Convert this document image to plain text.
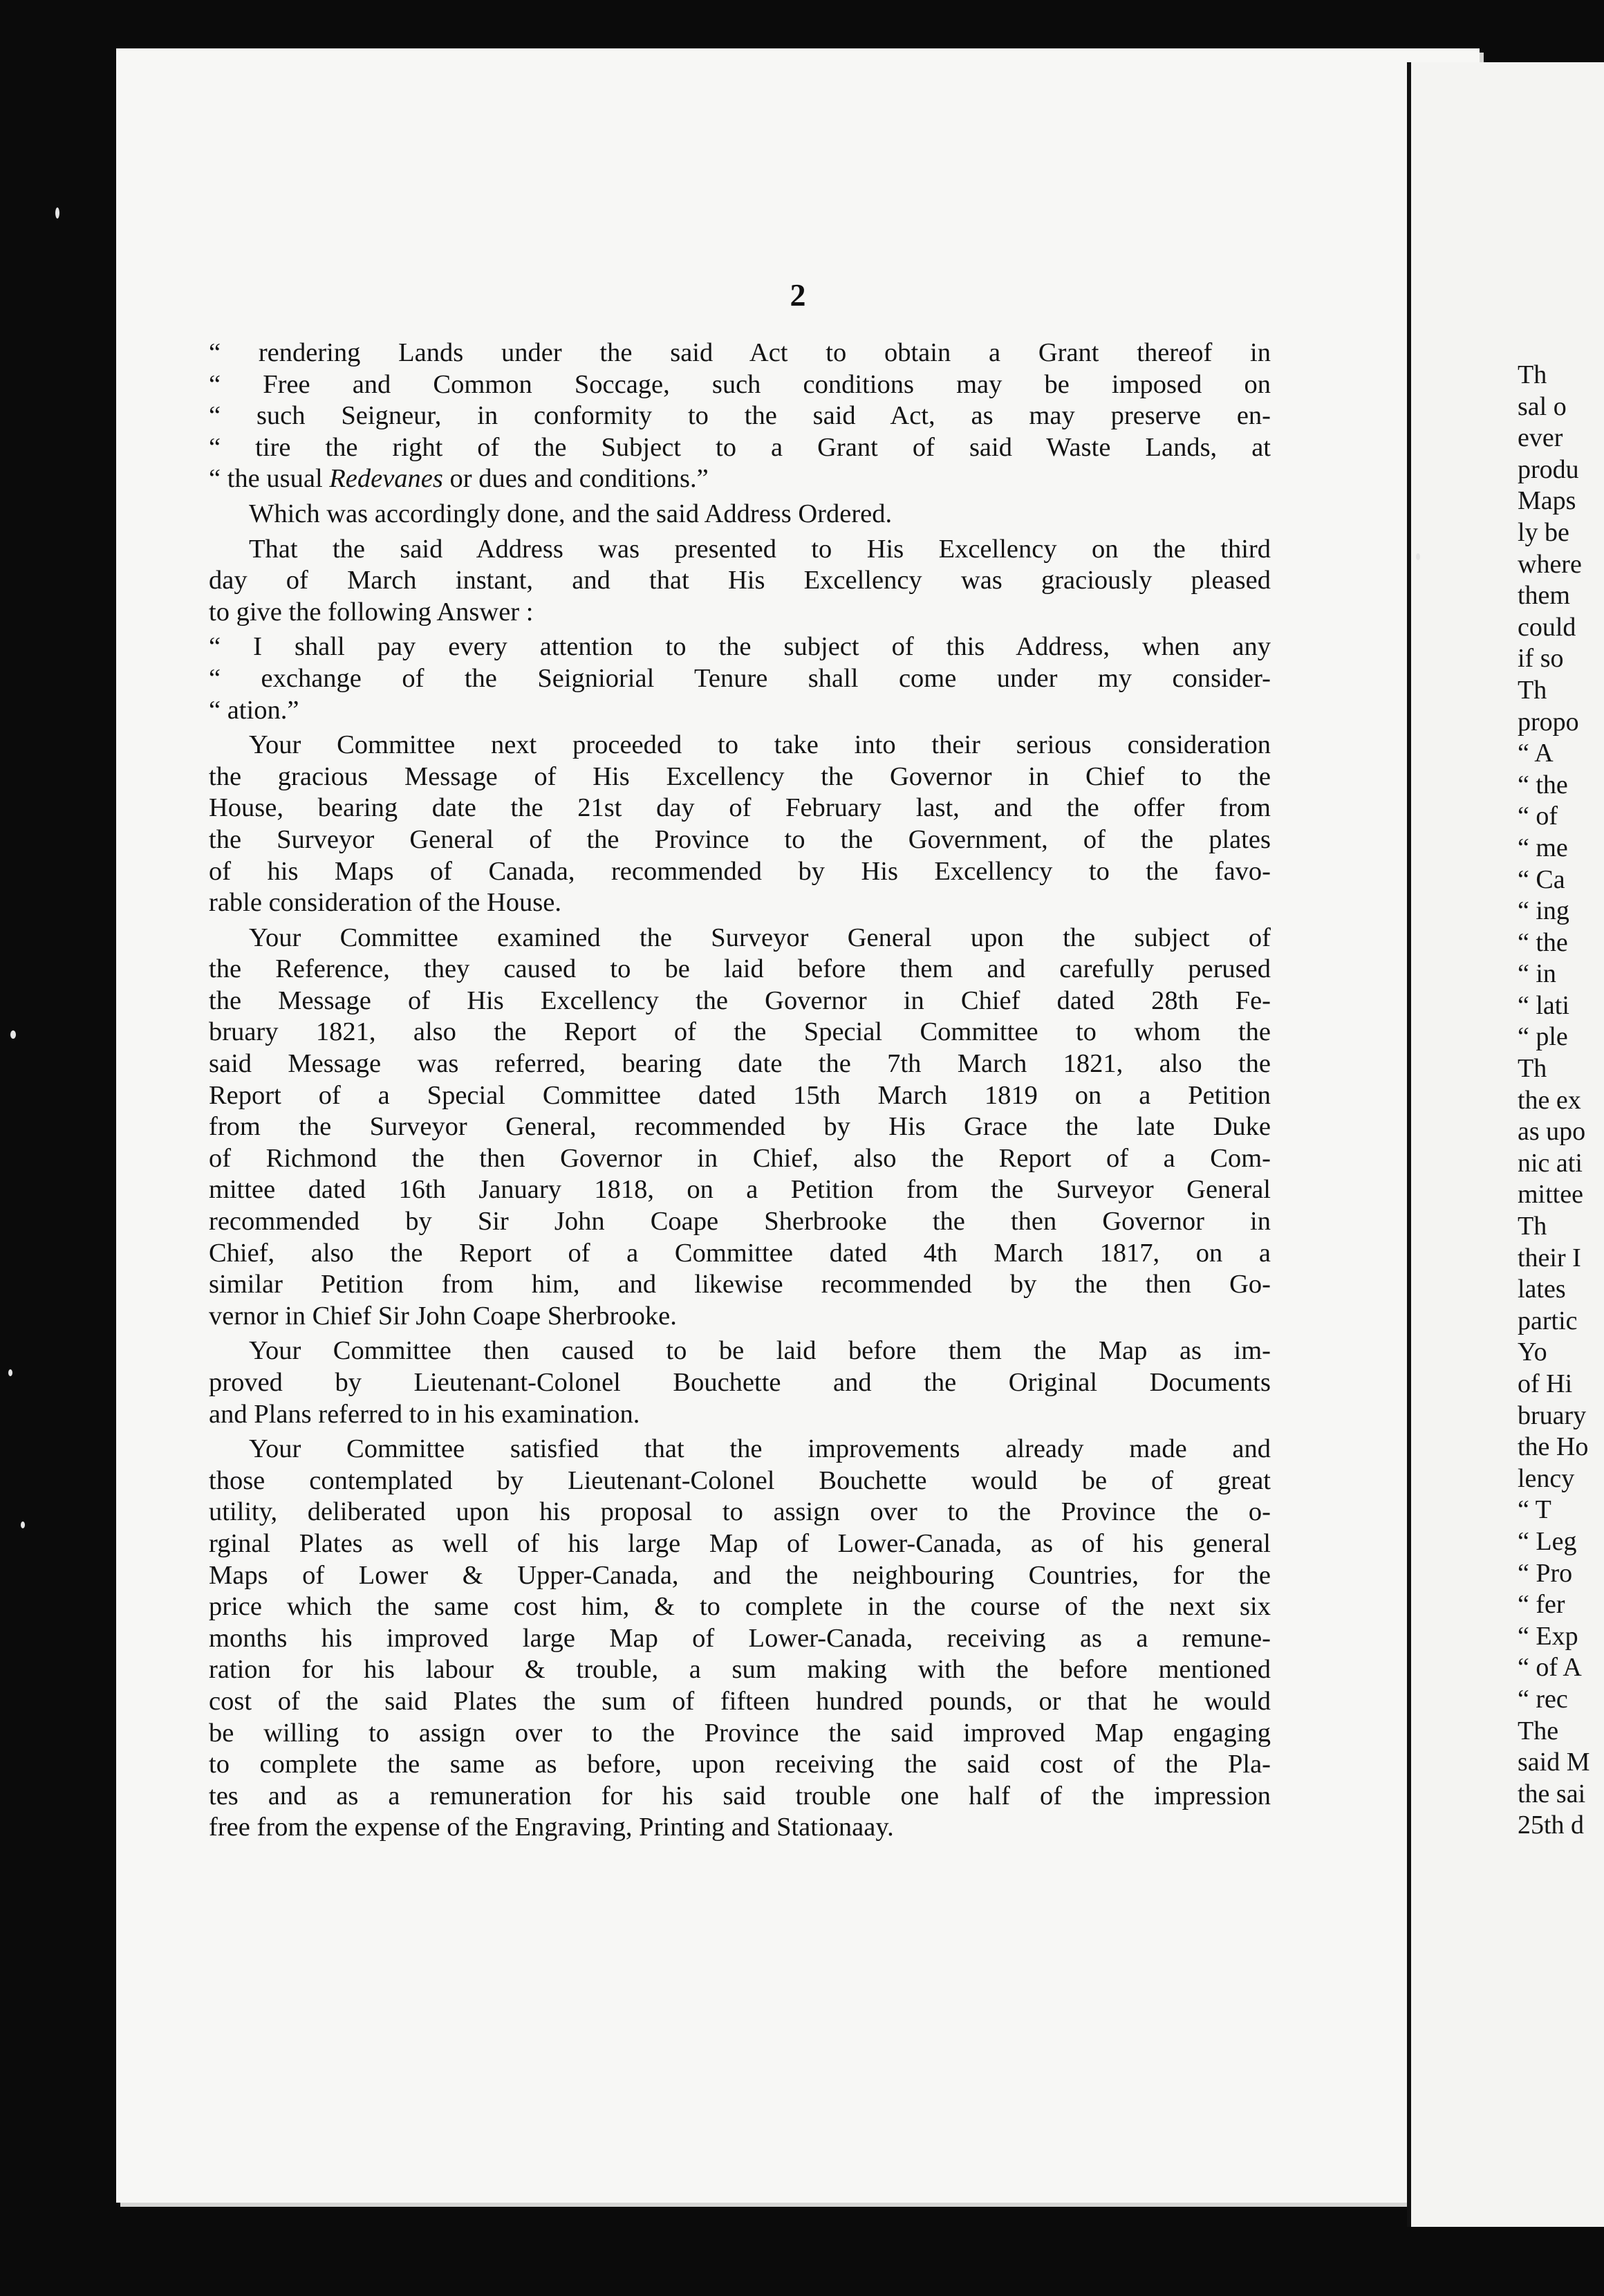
2
“ rendering Lands under the said Act to obtain a Grant thereof in
“ Free and Common Soccage, such conditions may be imposed on
“ such Seigneur, in conformity to the said Act, as may preserve en-
“ tire the right of the Subject to a Grant of said Waste Lands, at
“ the usual Redevanes or dues and conditions.”
Which was accordingly done, and the said Address Ordered.
That the said Address was presented to His Excellency on the third
day of March instant, and that His Excellency was graciously pleased
to give the following Answer :
“ I shall pay every attention to the subject of this Address, when any
“ exchange of the Seigniorial Tenure shall come under my consider-
“ ation.”
Your Committee next proceeded to take into their serious consideration
the gracious Message of His Excellency the Governor in Chief to the
House, bearing date the 21st day of February last, and the offer from
the Surveyor General of the Province to the Government, of the plates
of his Maps of Canada, recommended by His Excellency to the favo-
rable consideration of the House.
Your Committee examined the Surveyor General upon the subject of
the Reference, they caused to be laid before them and carefully perused
the Message of His Excellency the Governor in Chief dated 28th Fe-
bruary 1821, also the Report of the Special Committee to whom the
said Message was referred, bearing date the 7th March 1821, also the
Report of a Special Committee dated 15th March 1819 on a Petition
from the Surveyor General, recommended by His Grace the late Duke
of Richmond the then Governor in Chief, also the Report of a Com-
mittee dated 16th January 1818, on a Petition from the Surveyor General
recommended by Sir John Coape Sherbrooke the then Governor in
Chief, also the Report of a Committee dated 4th March 1817, on a
similar Petition from him, and likewise recommended by the then Go-
vernor in Chief Sir John Coape Sherbrooke.
Your Committee then caused to be laid before them the Map as im-
proved by Lieutenant-Colonel Bouchette and the Original Documents
and Plans referred to in his examination.
Your Committee satisfied that the improvements already made and
those contemplated by Lieutenant-Colonel Bouchette would be of great
utility, deliberated upon his proposal to assign over to the Province the o-
rginal Plates as well of his large Map of Lower-Canada, as of his general
Maps of Lower & Upper-Canada, and the neighbouring Countries, for the
price which the same cost him, & to complete in the course of the next six
months his improved large Map of Lower-Canada, receiving as a remune-
ration for his labour & trouble, a sum making with the before mentioned
cost of the said Plates the sum of fifteen hundred pounds, or that he would
be willing to assign over to the Province the said improved Map engaging
to complete the same as before, upon receiving the said cost of the Pla-
tes and as a remuneration for his said trouble one half of the impression
free from the expense of the Engraving, Printing and Stationaay.
Th
sal o
ever
produ
Maps
ly be
where
them
could
if so
Th
propo
“ A
“ the
“ of
“ me
“ Ca
“ ing
“ the
“ in
“ lati
“ ple
Th
the ex
as upo
nic ati
mittee
Th
their I
lates
partic
Yo
of Hi
bruary
the Ho
lency
“ T
“ Leg
“ Pro
“ fer
“ Exp
“ of A
“ rec
The
said M
the sai
25th d
